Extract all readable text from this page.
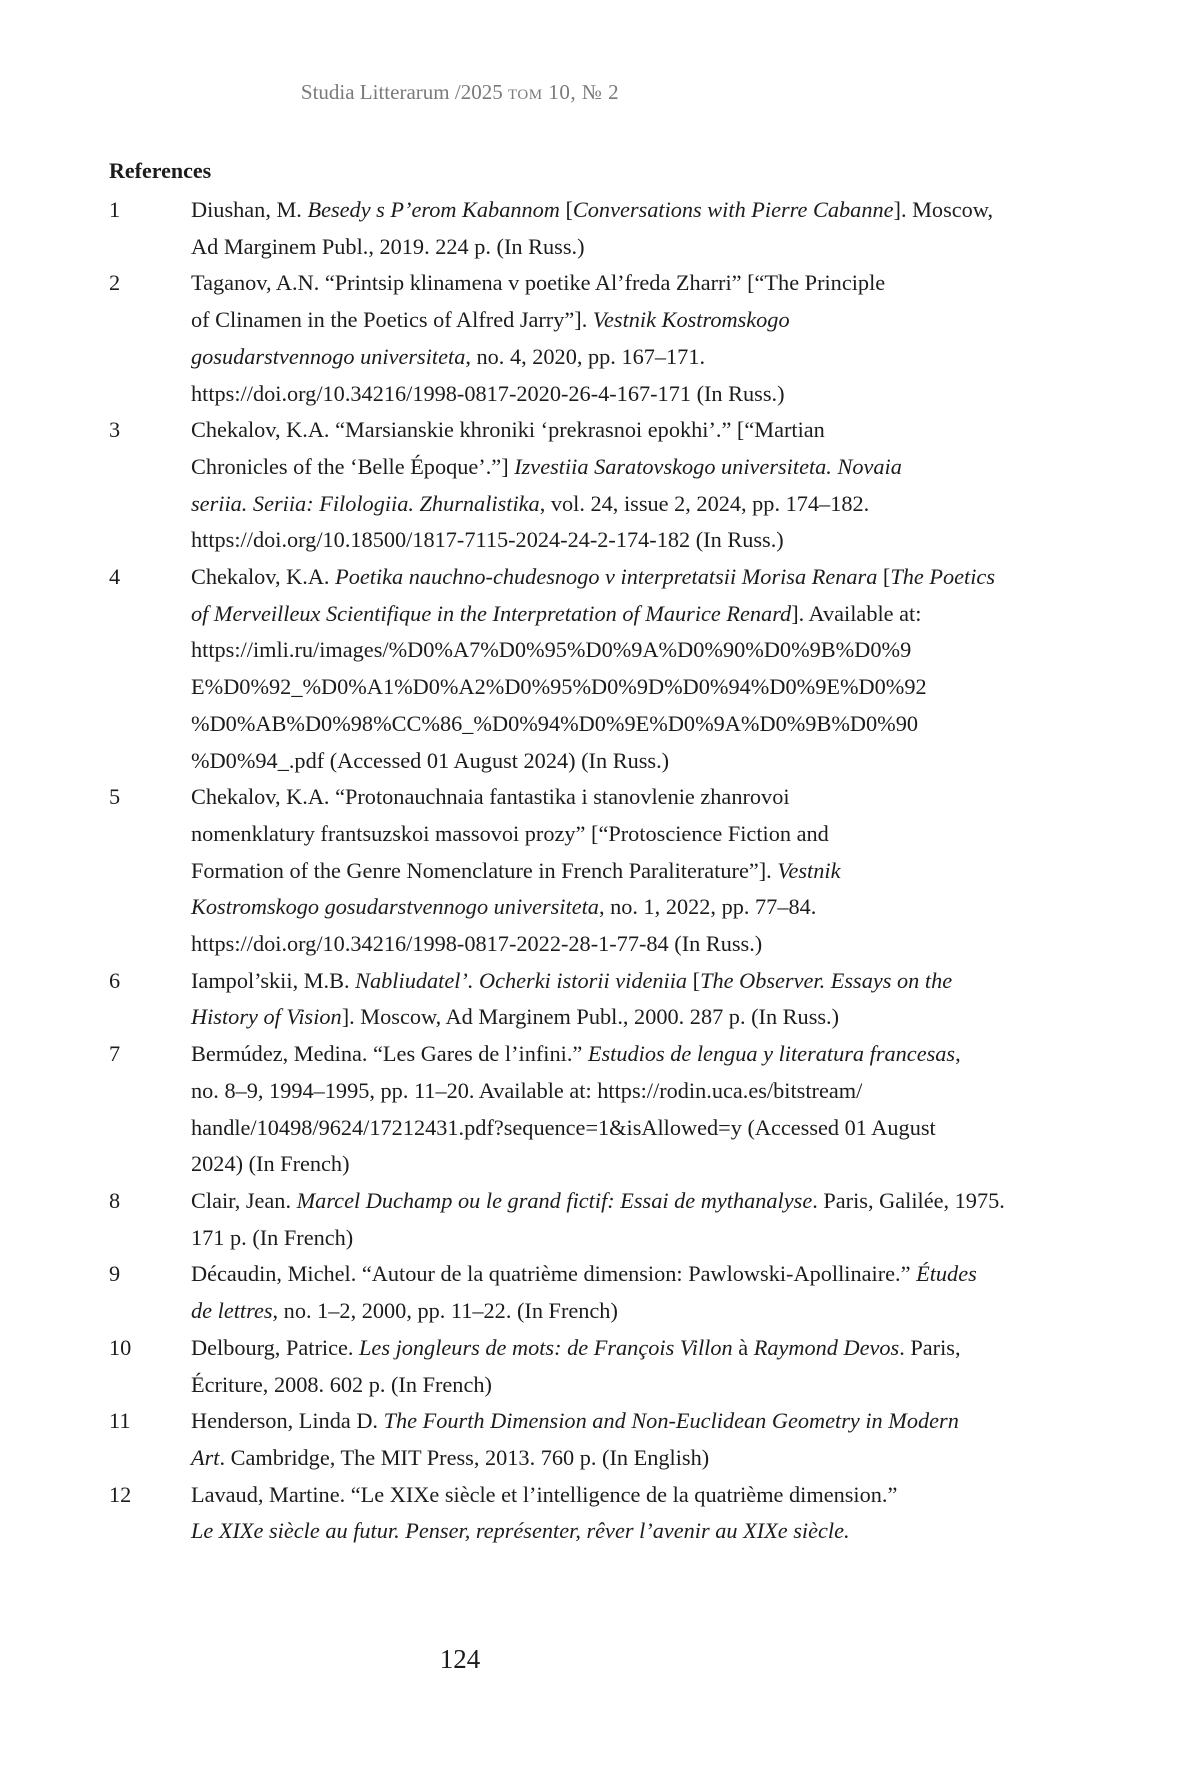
Studia Litterarum /2025 том 10, № 2
References
1	Diushan, M. Besedy s P’erom Kabannom [Conversations with Pierre Cabanne]. Moscow,
Ad Marginem Publ., 2019. 224 p. (In Russ.)
2	Taganov, A.N. “Printsip klinamena v poetike Al’freda Zharri” [“The Principle
of Clinamen in the Poetics of Alfred Jarry”]. Vestnik Kostromskogo
gosudarstvennogo universiteta, no. 4, 2020, pp. 167–171.
https://doi.org/10.34216/1998-0817-2020-26-4-167-171 (In Russ.)
3	Chekalov, K.A. “Marsianskie khroniki ‘prekrasnoi epokhi’.” [“Martian
Chronicles of the ‘Belle Époque’.”] Izvestiia Saratovskogo universiteta. Novaia
seriia. Seriia: Filologiia. Zhurnalistika, vol. 24, issue 2, 2024, pp. 174–182.
https://doi.org/10.18500/1817-7115-2024-24-2-174-182 (In Russ.)
4	Chekalov, K.A. Poetika nauchno-chudesnogo v interpretatsii Morisa Renara [The Poetics
of Merveilleux Scientifique in the Interpretation of Maurice Renard]. Available at:
https://imli.ru/images/%D0%A7%D0%95%D0%9A%D0%90%D0%9B%D0%9
E%D0%92_%D0%A1%D0%A2%D0%95%D0%9D%D0%94%D0%9E%D0%92
%D0%AB%D0%98%CC%86_%D0%94%D0%9E%D0%9A%D0%9B%D0%90
%D0%94_.pdf (Accessed 01 August 2024) (In Russ.)
5	Chekalov, K.A. “Protonauchnaia fantastika i stanovlenie zhanrovoi
nomenklatury frantsuzskoi massovoi prozy” [“Protoscience Fiction and
Formation of the Genre Nomenclature in French Paraliterature”]. Vestnik
Kostromskogo gosudarstvennogo universiteta, no. 1, 2022, pp. 77–84.
https://doi.org/10.34216/1998-0817-2022-28-1-77-84 (In Russ.)
6	Iampol’skii, M.B. Nabliudatel’. Ocherki istorii videniia [The Observer. Essays on the
History of Vision]. Moscow, Ad Marginem Publ., 2000. 287 p. (In Russ.)
7	Bermúdez, Medina. “Les Gares de l’infini.” Estudios de lengua y literatura francesas,
no. 8–9, 1994–1995, pp. 11–20. Available at: https://rodin.uca.es/bitstream/
handle/10498/9624/17212431.pdf?sequence=1&isAllowed=y (Accessed 01 August
2024) (In French)
8	Clair, Jean. Marcel Duchamp ou le grand fictif: Essai de mythanalyse. Paris, Galilée, 1975.
171 p. (In French)
9	Décaudin, Michel. “Autour de la quatrième dimension: Pawlowski-Apollinaire.” Études
de lettres, no. 1–2, 2000, pp. 11–22. (In French)
10	Delbourg, Patrice. Les jongleurs de mots: de François Villon à Raymond Devos. Paris,
Écriture, 2008. 602 p. (In French)
11	Henderson, Linda D. The Fourth Dimension and Non-Euclidean Geometry in Modern
Art. Cambridge, The MIT Press, 2013. 760 p. (In English)
12	Lavaud, Martine. “Le XIXe siècle et l’intelligence de la quatrième dimension.”
Le XIXe siècle au futur. Penser, représenter, rêver l’avenir au XIXe siècle.
124
